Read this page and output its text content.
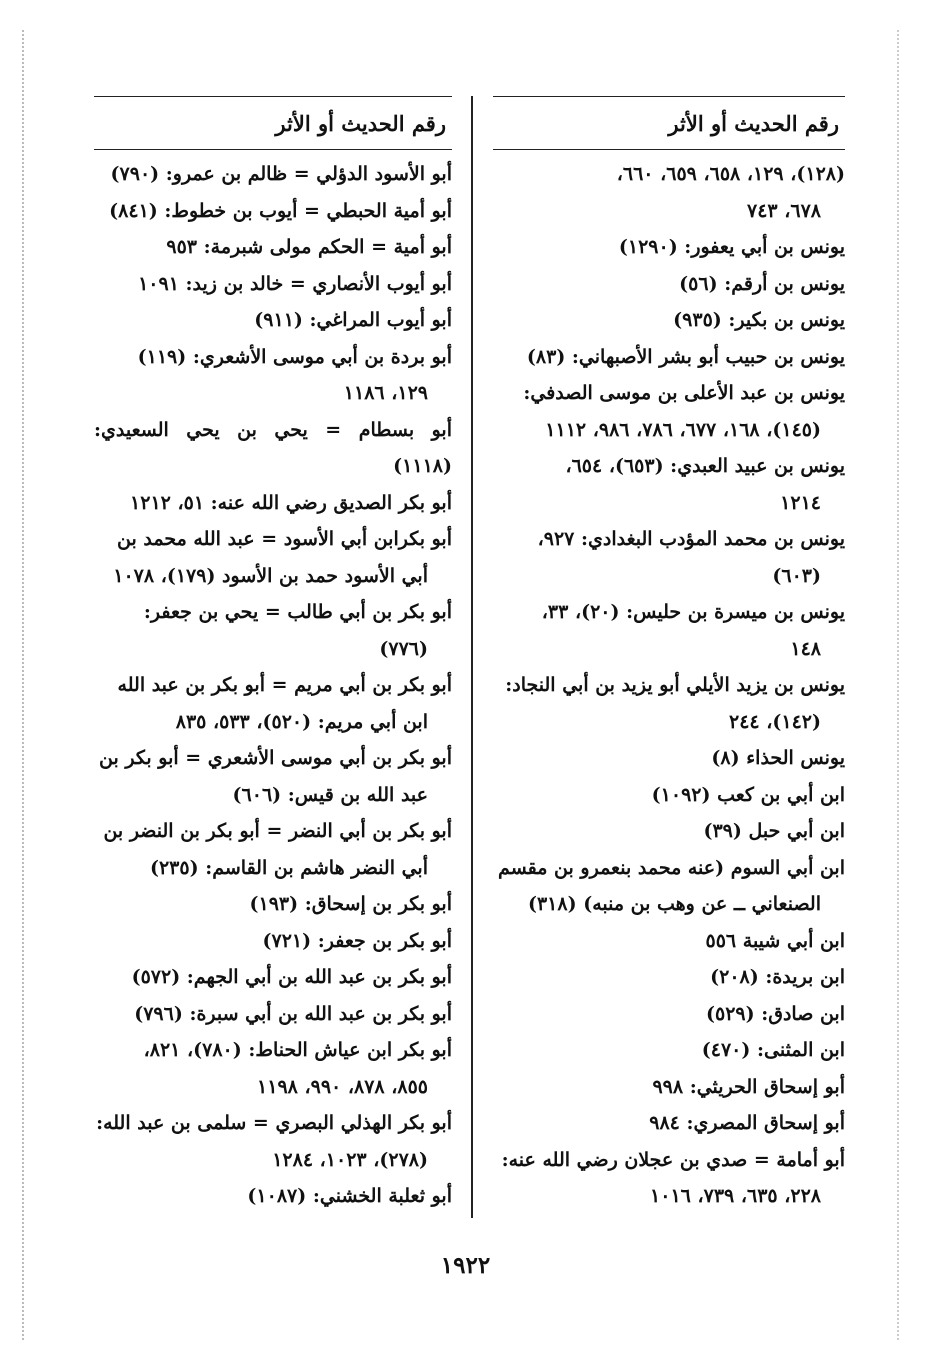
رقم الحديث أو الأثر
(١٢٨)، ١٢٩، ٦٥٨، ٦٥٩، ٦٦٠،
٦٧٨، ٧٤٣
يونس بن أبي يعفور: (١٢٩٠)
يونس بن أرقم: (٥٦)
يونس بن بكير: (٩٣٥)
يونس بن حبيب أبو بشر الأصبهاني: (٨٣)
يونس بن عبد الأعلى بن موسى الصدفي:
(١٤٥)، ١٦٨، ٦٧٧، ٧٨٦، ٩٨٦، ١١١٢
يونس بن عبيد العبدي: (٦٥٣)، ٦٥٤،
١٢١٤
يونس بن محمد المؤدب البغدادي: ٩٢٧،
(٦٠٣)
يونس بن ميسرة بن حليس: (٢٠)، ٣٣،
١٤٨
يونس بن يزيد الأيلي أبو يزيد بن أبي النجاد:
(١٤٢)، ٢٤٤
يونس الحذاء (٨)
ابن أبي بن كعب (١٠٩٢)
ابن أبي حبل (٣٩)
ابن أبي السوم (عنه محمد بنعمرو بن مقسم
الصنعاني ــ عن وهب بن منبه) (٣١٨)
ابن أبي شيبة ٥٥٦
ابن بريدة: (٢٠٨)
ابن صادق: (٥٢٩)
ابن المثنى: (٤٧٠)
أبو إسحاق الحريثي: ٩٩٨
أبو إسحاق المصري: ٩٨٤
أبو أمامة = صدي بن عجلان رضي الله عنه:
٢٢٨، ٦٣٥، ٧٣٩، ١٠١٦
رقم الحديث أو الأثر
أبو الأسود الدؤلي = ظالم بن عمرو: (٧٩٠)
أبو أمية الحبطي = أيوب بن خطوط: (٨٤١)
أبو أمية = الحكم مولى شبرمة: ٩٥٣
أبو أيوب الأنصاري = خالد بن زيد: ١٠٩١
أبو أيوب المراغي: (٩١١)
أبو بردة بن أبي موسى الأشعري: (١١٩)
١٢٩، ١١٨٦
أبو بسطام = يحي بن يحي السعيدي: (١١١٨)
أبو بكر الصديق رضي الله عنه: ٥١، ١٢١٢
أبو بكرابن أبي الأسود = عبد الله محمد بن
أبي الأسود حمد بن الأسود (١٧٩)، ١٠٧٨
أبو بكر بن أبي طالب = يحي بن جعفر:
(٧٧٦)
أبو بكر بن أبي مريم = أبو بكر بن عبد الله
ابن أبي مريم: (٥٢٠)، ٥٣٣، ٨٣٥
أبو بكر بن أبي موسى الأشعري = أبو بكر بن
عبد الله بن قيس: (٦٠٦)
أبو بكر بن أبي النضر = أبو بكر بن النضر بن
أبي النضر هاشم بن القاسم: (٢٣٥)
أبو بكر بن إسحاق: (١٩٣)
أبو بكر بن جعفر: (٧٢١)
أبو بكر بن عبد الله بن أبي الجهم: (٥٧٢)
أبو بكر بن عبد الله بن أبي سبرة: (٧٩٦)
أبو بكر ابن عياش الحناط: (٧٨٠)، ٨٢١،
٨٥٥، ٨٧٨، ٩٩٠، ١١٩٨
أبو بكر الهذلي البصري = سلمى بن عبد الله:
(٢٧٨)، ١٠٢٣، ١٢٨٤
أبو ثعلبة الخشني: (١٠٨٧)
١٩٢٢
